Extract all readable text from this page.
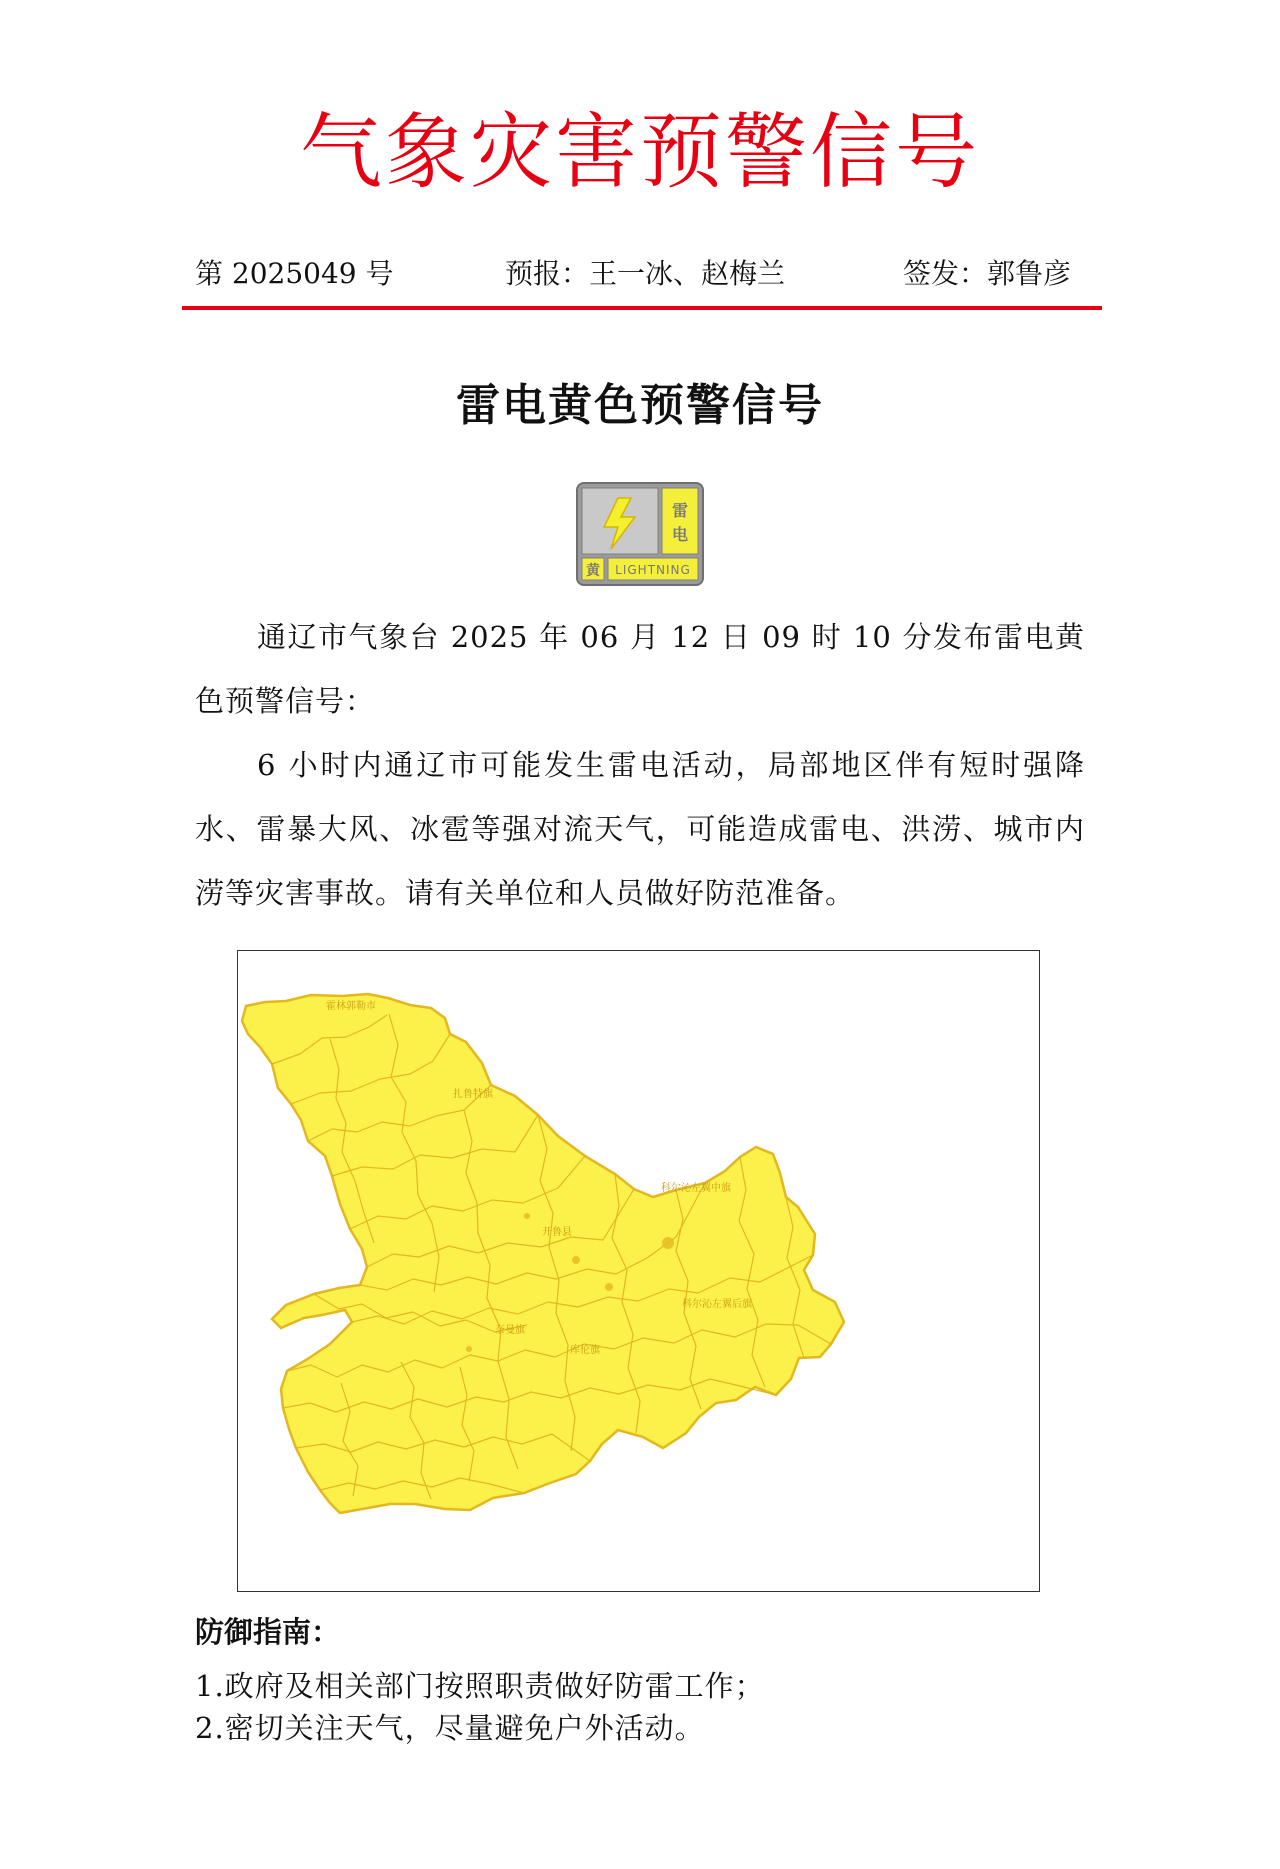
气象灾害预警信号
第 2025049 号	预报：王一冰、赵梅兰	签发：郭鲁彦
雷电黄色预警信号
雷
电
黄 LIGHTNING
通辽市气象台 2025 年 06 月 12 日 09 时 10 分发布雷电黄色预警信号：
6 小时内通辽市可能发生雷电活动，局部地区伴有短时强降水、雷暴大风、冰雹等强对流天气，可能造成雷电、洪涝、城市内涝等灾害事故。请有关单位和人员做好防范准备。
霍林郭勒市
扎鲁特旗
开鲁县
科尔沁左翼中旗
科尔沁左翼后旗
奈曼旗
库伦旗
防御指南：
1.政府及相关部门按照职责做好防雷工作；
2.密切关注天气，尽量避免户外活动。
